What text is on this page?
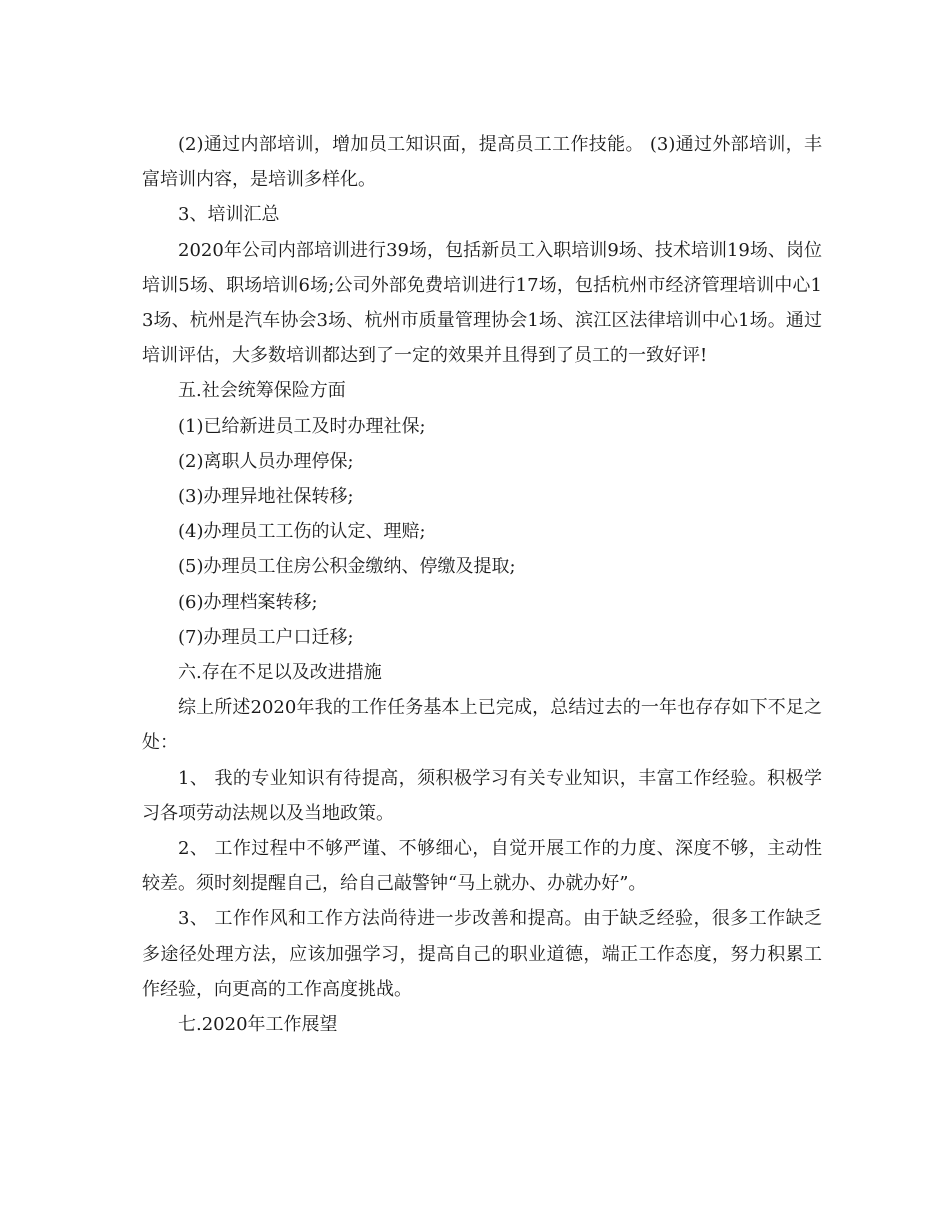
(2)通过内部培训，增加员工知识面，提高员工工作技能。 (3)通过外部培训，丰富培训内容，是培训多样化。

3、培训汇总

2020年公司内部培训进行39场，包括新员工入职培训9场、技术培训19场、岗位培训5场、职场培训6场;公司外部免费培训进行17场，包括杭州市经济管理培训中心13场、杭州是汽车协会3场、杭州市质量管理协会1场、滨江区法律培训中心1场。通过培训评估，大多数培训都达到了一定的效果并且得到了员工的一致好评!

五.社会统筹保险方面

(1)已给新进员工及时办理社保;

(2)离职人员办理停保;

(3)办理异地社保转移;

(4)办理员工工伤的认定、理赔;

(5)办理员工住房公积金缴纳、停缴及提取;

(6)办理档案转移;

(7)办理员工户口迁移;

六.存在不足以及改进措施

综上所述2020年我的工作任务基本上已完成，总结过去的一年也存存如下不足之处：

1、 我的专业知识有待提高，须积极学习有关专业知识，丰富工作经验。积极学习各项劳动法规以及当地政策。

2、 工作过程中不够严谨、不够细心，自觉开展工作的力度、深度不够，主动性较差。须时刻提醒自己，给自己敲警钟“马上就办、办就办好”。

3、 工作作风和工作方法尚待进一步改善和提高。由于缺乏经验，很多工作缺乏多途径处理方法，应该加强学习，提高自己的职业道德，端正工作态度，努力积累工作经验，向更高的工作高度挑战。

七.2020年工作展望
